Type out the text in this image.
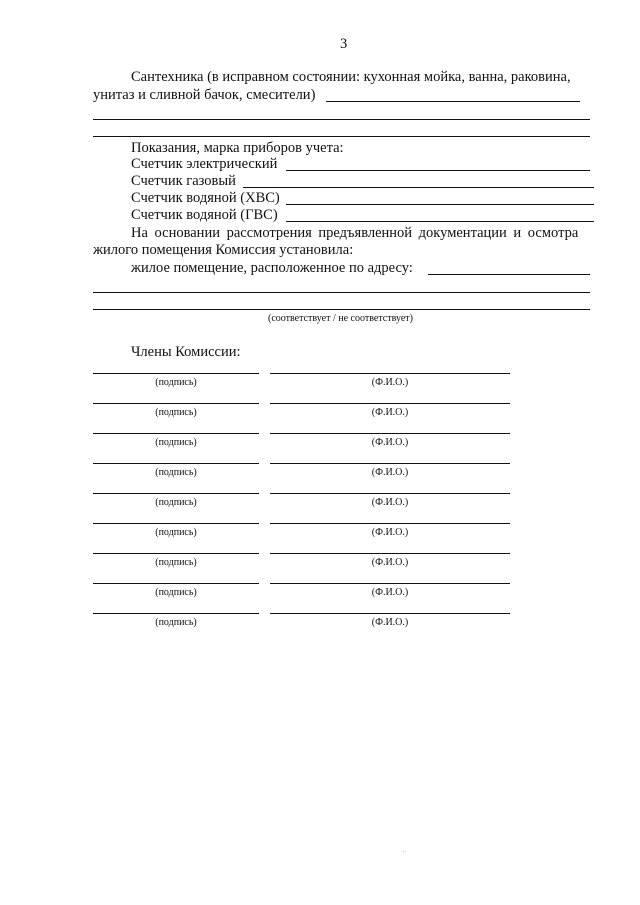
3
Сантехника (в исправном состоянии: кухонная мойка, ванна, раковина,
унитаз и сливной бачок, смесители)
Показания, марка приборов учета:
Счетчик электрический
Счетчик газовый
Счетчик водяной (ХВС)
Счетчик водяной (ГВС)
На основании рассмотрения предъявленной документации и осмотра
жилого помещения Комиссия установила:
жилое помещение, расположенное по адресу:
(соответствует / не соответствует)
Члены Комиссии:
(подпись)	(Ф.И.О.)
(подпись)	(Ф.И.О.)
(подпись)	(Ф.И.О.)
(подпись)	(Ф.И.О.)
(подпись)	(Ф.И.О.)
(подпись)	(Ф.И.О.)
(подпись)	(Ф.И.О.)
(подпись)	(Ф.И.О.)
(подпись)	(Ф.И.О.)
